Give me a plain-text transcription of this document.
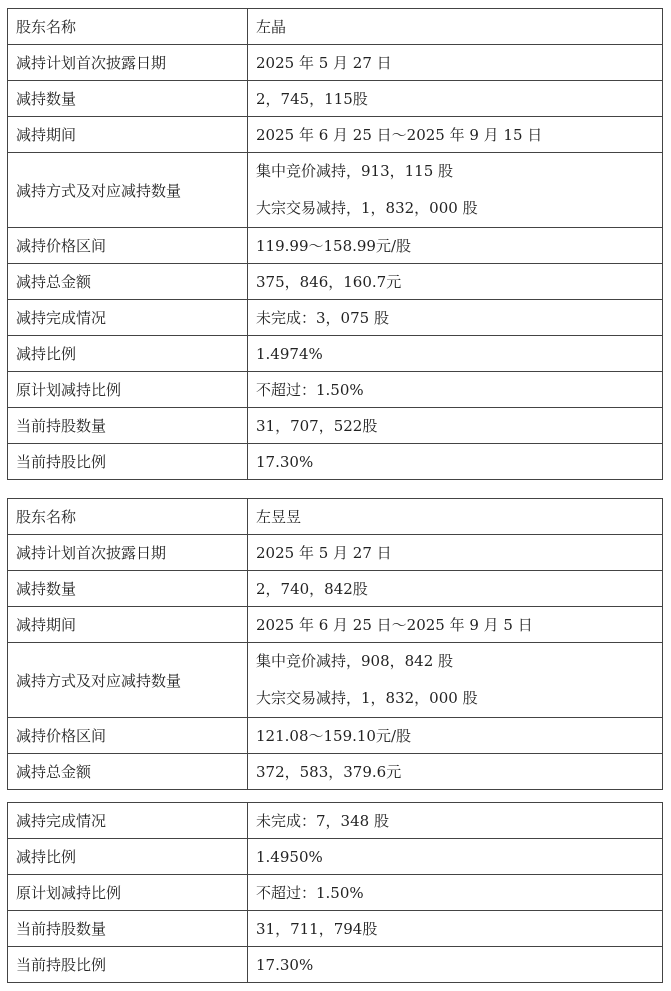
股东名称	左晶
减持计划首次披露日期	2025 年 5 月 27 日
减持数量	2，745，115股
减持期间	2025 年 6 月 25 日～2025 年 9 月 15 日
减持方式及对应减持数量	集中竞价减持，913，115 股
大宗交易减持，1，832，000 股

减持价格区间	119.99～158.99元/股
减持总金额	375，846，160.7元
减持完成情况	未完成：3，075 股
减持比例	1.4974%
原计划减持比例	不超过：1.50%
当前持股数量	31，707，522股
当前持股比例	17.30%
股东名称	左昱昱
减持计划首次披露日期	2025 年 5 月 27 日
减持数量	2，740，842股
减持期间	2025 年 6 月 25 日～2025 年 9 月 5 日
减持方式及对应减持数量	集中竞价减持，908，842 股
大宗交易减持，1，832，000 股

减持价格区间	121.08～159.10元/股
减持总金额	372，583，379.6元
减持完成情况	未完成：7，348 股
减持比例	1.4950%
原计划减持比例	不超过：1.50%
当前持股数量	31，711，794股
当前持股比例	17.30%
